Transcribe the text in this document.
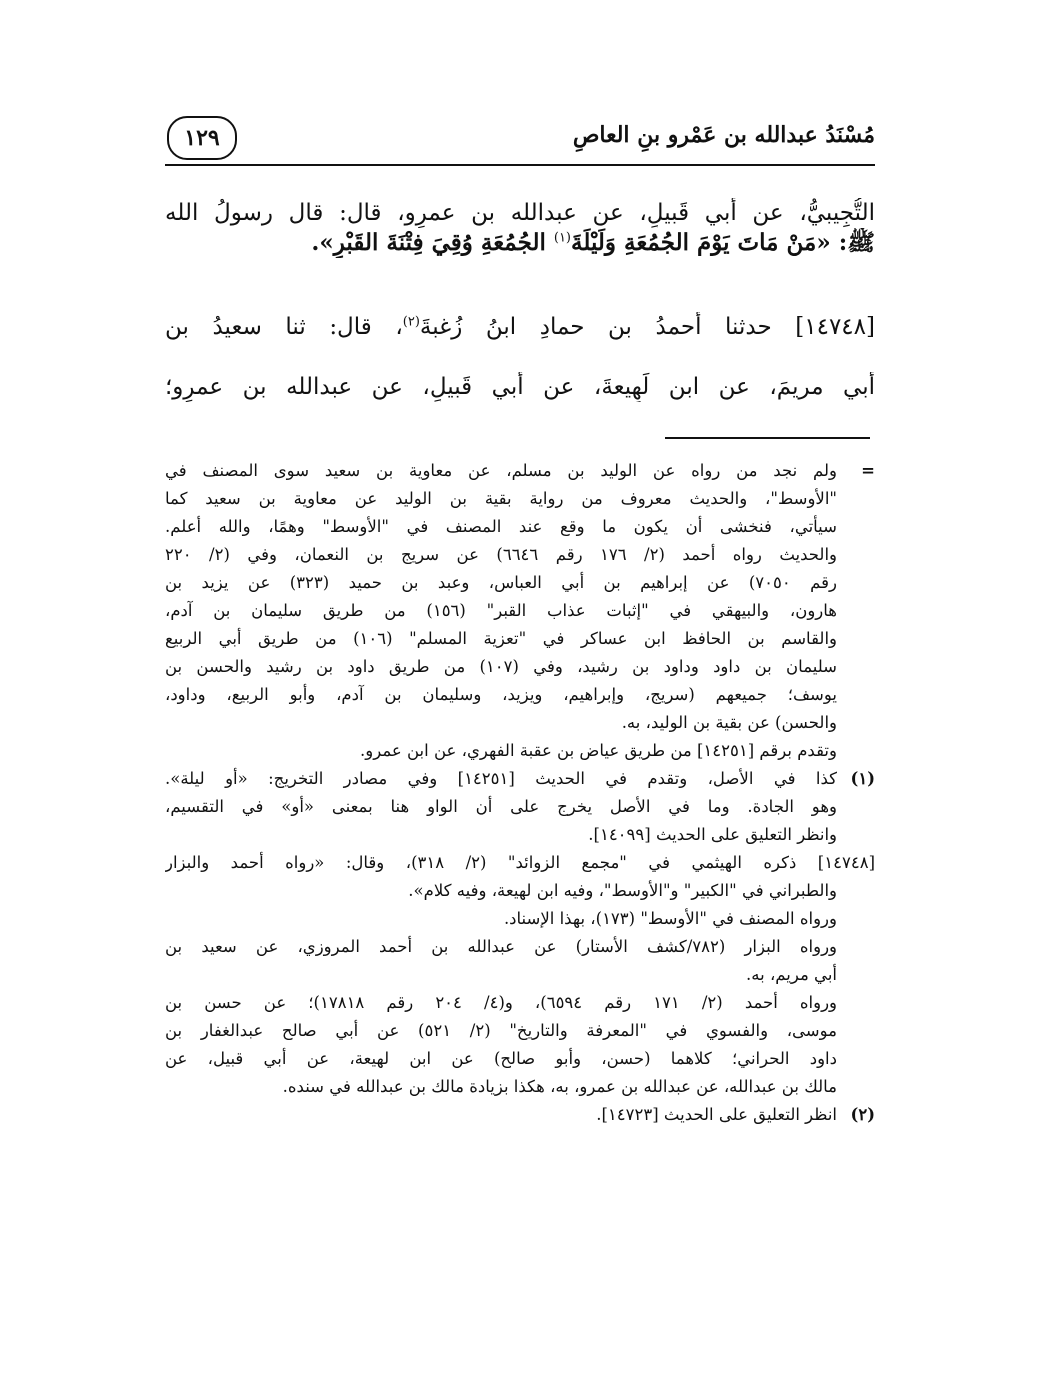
مُسْنَدُ عبدالله بن عَمْرو بنِ العاصِ
١٢٩
التُّجِيبيُّ، عن أبي قَبيلٍ، عن عبدالله بن عمرٍو، قال: قال رسولُ الله
ﷺ: «مَنْ مَاتَ يَوْمَ الجُمُعَةِ وَلَيْلَةَ$^{(١)}$ الجُمُعَةِ وُقِيَ فِتْنَةَ القَبْرِ».
[١٤٧٤٨] حدثنا أحمدُ بن حمادِ ابنُ زُغبةَ$^{(٢)}$، قال: ثنا سعيدُ بن
أبي مريمَ، عن ابن لَهِيعةَ، عن أبي قَبيلٍ، عن عبدالله بن عمرٍو؛
=
ولم نجد من رواه عن الوليد بن مسلم، عن معاوية بن سعيد سوى المصنف في
"الأوسط"، والحديث معروف من رواية بقية بن الوليد عن معاوية بن سعيد كما
سيأتي، فنخشى أن يكون ما وقع عند المصنف في "الأوسط" وهمًا، والله أعلم.
والحديث رواه أحمد (٢/ ١٧٦ رقم ٦٦٤٦) عن سريج بن النعمان، وفي (٢/ ٢٢٠
رقم ٧٠٥٠) عن إبراهيم بن أبي العباس، وعبد بن حميد (٣٢٣) عن يزيد بن
هارون، والبيهقي في "إثبات عذاب القبر" (١٥٦) من طريق سليمان بن آدم،
والقاسم بن الحافظ ابن عساكر في "تعزية المسلم" (١٠٦) من طريق أبي الربيع
سليمان بن داود وداود بن رشيد، وفي (١٠٧) من طريق داود بن رشيد والحسن بن
يوسف؛ جميعهم (سريج، وإبراهيم، ويزيد، وسليمان بن آدم، وأبو الربيع، وداود،
والحسن) عن بقية بن الوليد، به.
وتقدم برقم [١٤٢٥١] من طريق عياض بن عقبة الفهري، عن ابن عمرو.
(١)
كذا في الأصل، وتقدم في الحديث [١٤٢٥١] وفي مصادر التخريج: «أو ليلة».
وهو الجادة. وما في الأصل يخرج على أن الواو هنا بمعنى «أو» في التقسيم،
وانظر التعليق على الحديث [١٤٠٩٩].
[١٤٧٤٨] ذكره الهيثمي في "مجمع الزوائد" (٢/ ٣١٨)، وقال: «رواه أحمد والبزار
والطبراني في "الكبير" و"الأوسط"، وفيه ابن لهيعة، وفيه كلام».
ورواه المصنف في "الأوسط" (١٧٣)، بهذا الإسناد.
ورواه البزار (٧٨٢/كشف الأستار) عن عبدالله بن أحمد المروزي، عن سعيد بن
أبي مريم، به.
ورواه أحمد (٢/ ١٧١ رقم ٦٥٩٤)، و(٤/ ٢٠٤ رقم ١٧٨١٨)؛ عن حسن بن
موسى، والفسوي في "المعرفة والتاريخ" (٢/ ٥٢١) عن أبي صالح عبدالغفار بن
داود الحراني؛ كلاهما (حسن، وأبو صالح) عن ابن لهيعة، عن أبي قبيل، عن
مالك بن عبدالله، عن عبدالله بن عمرو، به، هكذا بزيادة مالك بن عبدالله في سنده.
(٢)
انظر التعليق على الحديث [١٤٧٢٣].
